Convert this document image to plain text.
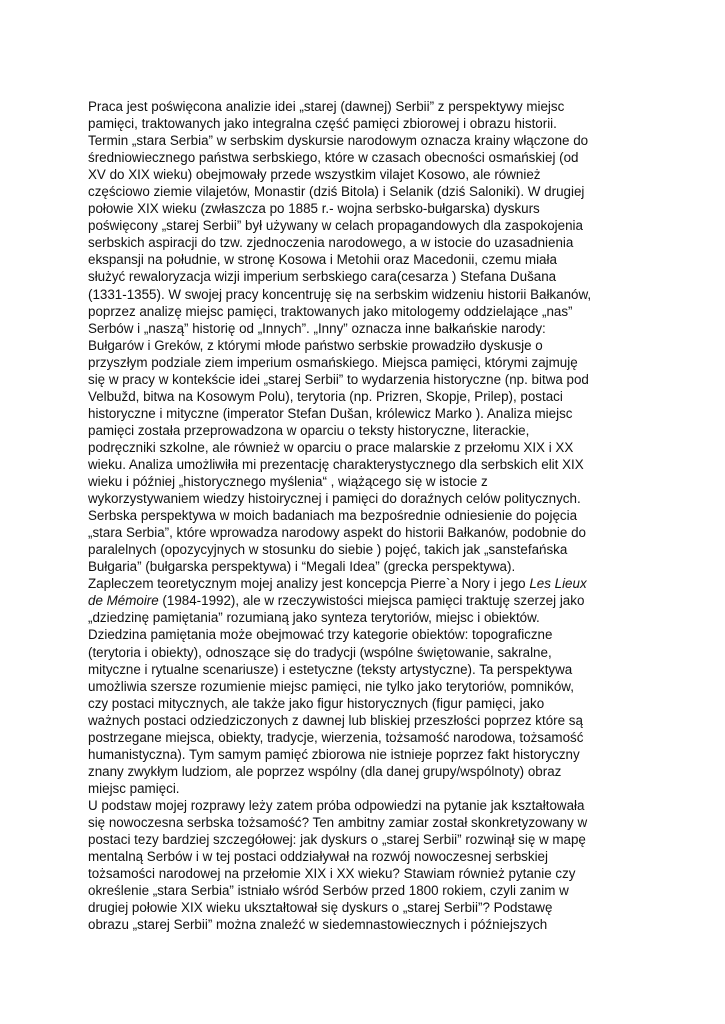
Praca jest poświęcona analizie idei „starej (dawnej) Serbii” z perspektywy miejsc
pamięci, traktowanych jako integralna część pamięci zbiorowej i obrazu historii.
Termin „stara Serbia” w serbskim dyskursie narodowym oznacza krainy włączone do
średniowiecznego państwa serbskiego, które w czasach obecności osmańskiej (od
XV do XIX wieku) obejmowały przede wszystkim vilajet Kosowo, ale również
częściowo ziemie vilajetów, Monastir (dziś Bitola) i Selanik (dziś Saloniki). W drugiej
połowie XIX wieku (zwłaszcza po 1885 r.- wojna serbsko-bułgarska) dyskurs
poświęcony „starej Serbii” był używany w celach propagandowych dla zaspokojenia
serbskich aspiracji do tzw. zjednoczenia narodowego, a w istocie do uzasadnienia
ekspansji na południe, w stronę Kosowa i Metohii oraz Macedonii, czemu miała
służyć rewaloryzacja wizji imperium serbskiego cara(cesarza ) Stefana Dušana
(1331-1355). W swojej pracy koncentruję się na serbskim widzeniu historii Bałkanów,
poprzez analizę miejsc pamięci, traktowanych jako mitologemy oddzielające „nas”
Serbów i „naszą” historię od „Innych”. „Inny” oznacza inne bałkańskie narody:
Bułgarów i Greków, z którymi młode państwo serbskie prowadziło dyskusje o
przyszłym podziale ziem imperium osmańskiego. Miejsca pamięci, którymi zajmuję
się w pracy w kontekście idei „starej Serbii” to wydarzenia historyczne (np. bitwa pod
Velbužd, bitwa na Kosowym Polu), terytoria (np. Prizren, Skopje, Prilep), postaci
historyczne i mityczne (imperator Stefan Dušan, królewicz Marko ). Analiza miejsc
pamięci została przeprowadzona w oparciu o teksty historyczne, literackie,
podręczniki szkolne, ale również w oparciu o prace malarskie z przełomu XIX i XX
wieku. Analiza umożliwiła mi prezentację charakterystycznego dla serbskich elit XIX
wieku i później „historycznego myślenia“ , wiążącego się w istocie z
wykorzystywaniem wiedzy histoirycznej i pamięci do doraźnych celów politycznych.
Serbska perspektywa w moich badaniach ma bezpośrednie odniesienie do pojęcia
„stara Serbia”, które wprowadza narodowy aspekt do historii Bałkanów, podobnie do
paralelnych (opozycyjnych w stosunku do siebie ) pojęć, takich jak „sanstefańska
Bułgaria” (bułgarska perspektywa) i “Megali Idea” (grecka perspektywa).
Zapleczem teoretycznym mojej analizy jest koncepcja Pierre`a Nory i jego Les Lieux
de Mémoire (1984-1992), ale w rzeczywistości miejsca pamięci traktuję szerzej jako
„dziedzinę pamiętania” rozumianą jako synteza terytoriów, miejsc i obiektów.
Dziedzina pamiętania może obejmować trzy kategorie obiektów: topograficzne
(terytoria i obiekty), odnoszące się do tradycji (wspólne świętowanie, sakralne,
mityczne i rytualne scenariusze) i estetyczne (teksty artystyczne). Ta perspektywa
umożliwia szersze rozumienie miejsc pamięci, nie tylko jako terytoriów, pomników,
czy postaci mitycznych, ale także jako figur historycznych (figur pamięci, jako
ważnych postaci odziedziczonych z dawnej lub bliskiej przeszłości poprzez które są
postrzegane miejsca, obiekty, tradycje, wierzenia, tożsamość narodowa, tożsamość
humanistyczna). Tym samym pamięć zbiorowa nie istnieje poprzez fakt historyczny
znany zwykłym ludziom, ale poprzez wspólny (dla danej grupy/wspólnoty) obraz
miejsc pamięci.
U podstaw mojej rozprawy leży zatem próba odpowiedzi na pytanie jak kształtowała
się nowoczesna serbska tożsamość? Ten ambitny zamiar został skonkretyzowany w
postaci tezy bardziej szczegółowej: jak dyskurs o „starej Serbii” rozwinął się w mapę
mentalną Serbów i w tej postaci oddziaływał na rozwój nowoczesnej serbskiej
tożsamości narodowej na przełomie XIX i XX wieku? Stawiam również pytanie czy
określenie „stara Serbia” istniało wśród Serbów przed 1800 rokiem, czyli zanim w
drugiej połowie XIX wieku ukształtował się dyskurs o „starej Serbii”? Podstawę
obrazu „starej Serbii” można znaleźć w siedemnastowiecznych i późniejszych
